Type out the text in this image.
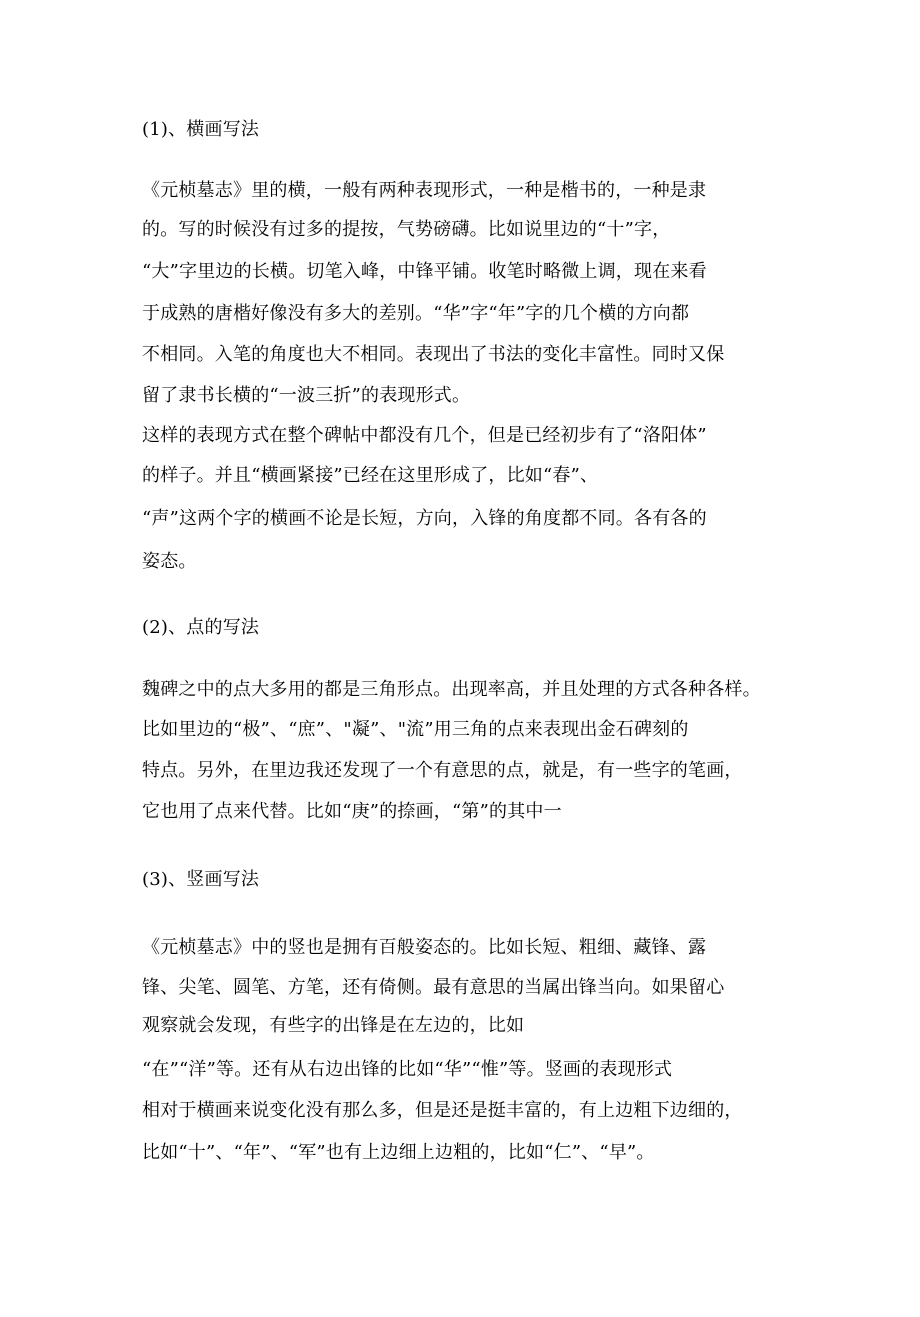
(1)、横画写法
《元桢墓志》里的横，一般有两种表现形式，一种是楷书的，一种是隶
的。写的时候没有过多的提按，气势磅礴。比如说里边的“十”字，
“大”字里边的长横。切笔入峰，中锋平铺。收笔时略微上调，现在来看
于成熟的唐楷好像没有多大的差别。“华”字“年”字的几个横的方向都
不相同。入笔的角度也大不相同。表现出了书法的变化丰富性。同时又保
留了隶书长横的“一波三折”的表现形式。
这样的表现方式在整个碑帖中都没有几个，但是已经初步有了“洛阳体”
的样子。并且“横画紧接”已经在这里形成了，比如“春”、
“声”这两个字的横画不论是长短，方向，入锋的角度都不同。各有各的
姿态。
(2)、点的写法
魏碑之中的点大多用的都是三角形点。出现率高，并且处理的方式各种各样。
比如里边的“极”、“庶”、"凝”、"流”用三角的点来表现出金石碑刻的
特点。另外，在里边我还发现了一个有意思的点，就是，有一些字的笔画，
它也用了点来代替。比如“庚”的捺画，“第”的其中一
(3)、竖画写法
《元桢墓志》中的竖也是拥有百般姿态的。比如长短、粗细、藏锋、露
锋、尖笔、圆笔、方笔，还有倚侧。最有意思的当属出锋当向。如果留心
观察就会发现，有些字的出锋是在左边的，比如
“在”“洋”等。还有从右边出锋的比如“华”“惟”等。竖画的表现形式
相对于横画来说变化没有那么多，但是还是挺丰富的，有上边粗下边细的，
比如“十”、“年”、“军”也有上边细上边粗的，比如“仁”、“早”。
